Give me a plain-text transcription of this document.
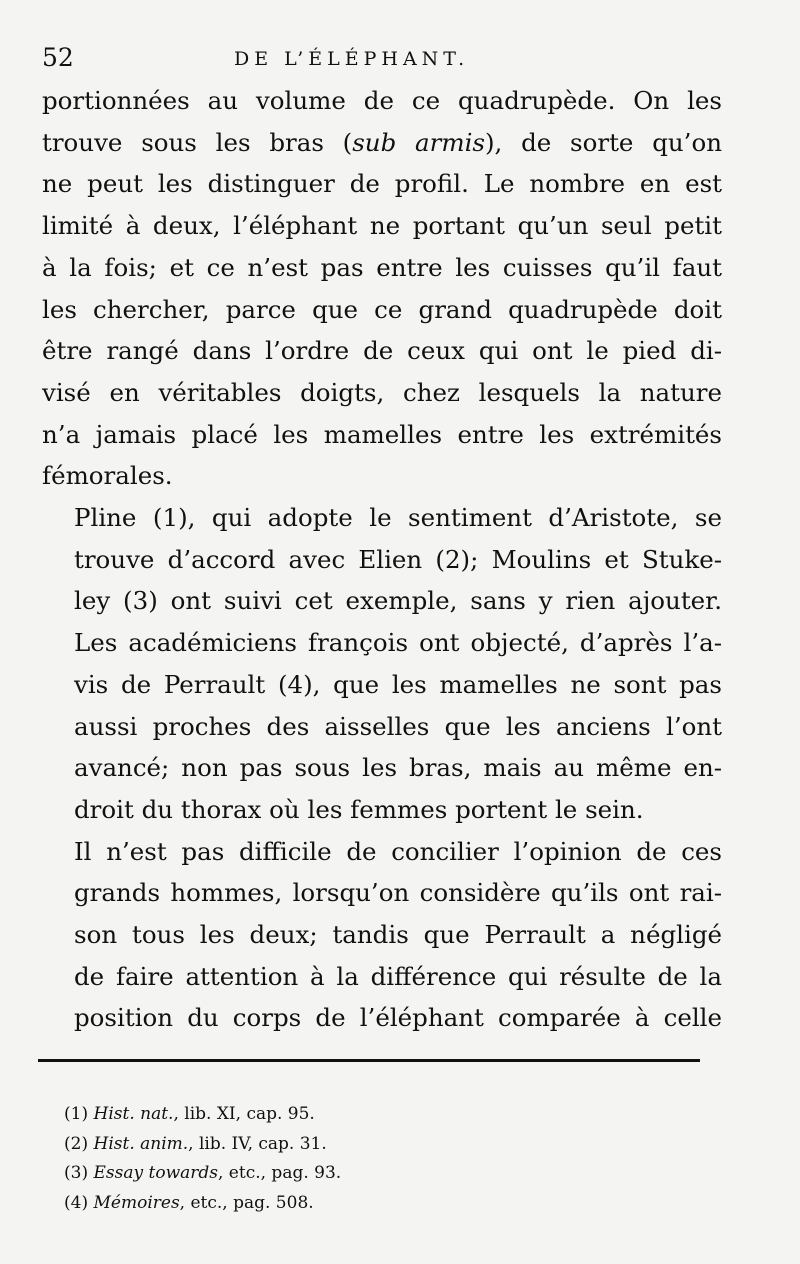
52	DE L’ÉLÉPHANT.

portionnées au volume de ce quadrupède. On les
trouve sous les bras (sub armis), de sorte qu’on
ne peut les distinguer de profil. Le nombre en est
limité à deux, l’éléphant ne portant qu’un seul petit
à la fois; et ce n’est pas entre les cuisses qu’il faut
les chercher, parce que ce grand quadrupède doit
être rangé dans l’ordre de ceux qui ont le pied di-
visé en véritables doigts, chez lesquels la nature
n’a jamais placé les mamelles entre les extrémités
fémorales.

Pline (1), qui adopte le sentiment d’Aristote, se
trouve d’accord avec Elien (2); Moulins et Stuke-
ley (3) ont suivi cet exemple, sans y rien ajouter.
Les académiciens françois ont objecté, d’après l’a-
vis de Perrault (4), que les mamelles ne sont pas
aussi proches des aisselles que les anciens l’ont
avancé; non pas sous les bras, mais au même en-
droit du thorax où les femmes portent le sein.

Il n’est pas difficile de concilier l’opinion de ces
grands hommes, lorsqu’on considère qu’ils ont rai-
son tous les deux; tandis que Perrault a négligé
de faire attention à la différence qui résulte de la
position du corps de l’éléphant comparée à celle

(1) Hist. nat., lib. XI, cap. 95.
(2) Hist. anim., lib. IV, cap. 31.
(3) Essay towards, etc., pag. 93.
(4) Mémoires, etc., pag. 508.
